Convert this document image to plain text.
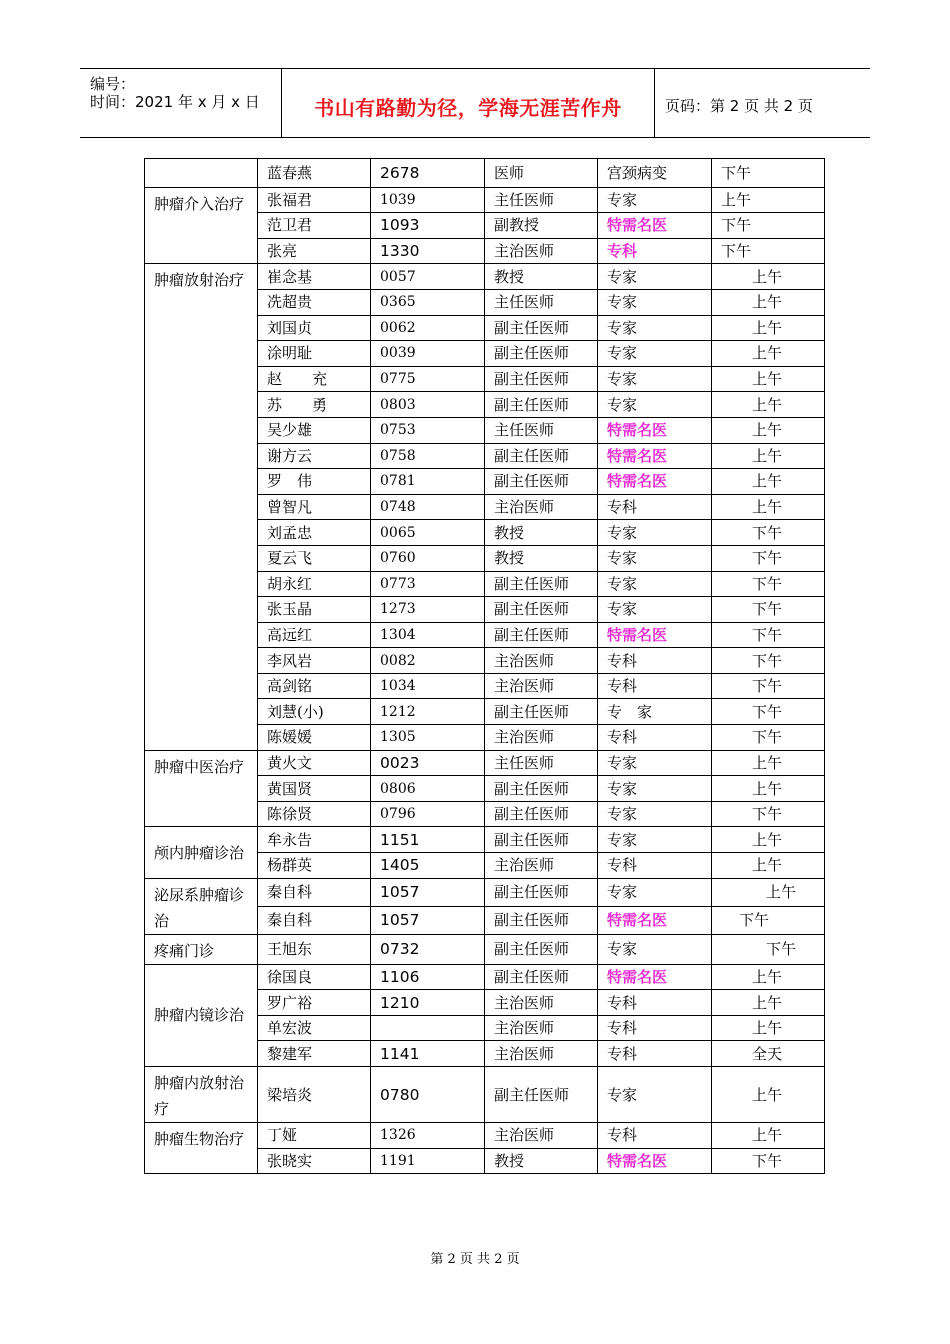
编号：
时间：2021 年 x 月 x 日	书山有路勤为径，学海无涯苦作舟	页码：第 2 页 共 2 页
	蓝春燕	2678	医师	宫颈病变	下午
肿瘤介入治疗	张福君	1039	主任医师	专家	上午
	范卫君	1093	副教授	特需名医	下午
	张亮	1330	主治医师	专科	下午
肿瘤放射治疗	崔念基	0057	教授	专家	上午
	冼超贵	0365	主任医师	专家	上午
	刘国贞	0062	副主任医师	专家	上午
	涂明耻	0039	副主任医师	专家	上午
	赵　　充	0775	副主任医师	专家	上午
	苏　　勇	0803	副主任医师	专家	上午
	吴少雄	0753	主任医师	特需名医	上午
	谢方云	0758	副主任医师	特需名医	上午
	罗　伟	0781	副主任医师	特需名医	上午
	曾智凡	0748	主治医师	专科	上午
	刘孟忠	0065	教授	专家	下午
	夏云飞	0760	教授	专家	下午
	胡永红	0773	副主任医师	专家	下午
	张玉晶	1273	副主任医师	专家	下午
	高远红	1304	副主任医师	特需名医	下午
	李风岩	0082	主治医师	专科	下午
	高剑铭	1034	主治医师	专科	下午
	刘慧(小)	1212	副主任医师	专　家	下午
	陈媛媛	1305	主治医师	专科	下午
肿瘤中医治疗	黄火文	0023	主任医师	专家	上午
	黄国贤	0806	副主任医师	专家	上午
	陈徐贤	0796	副主任医师	专家	下午
颅内肿瘤诊治	牟永告	1151	副主任医师	专家	上午
	杨群英	1405	主治医师	专科	上午
泌尿系肿瘤诊治	秦自科	1057	副主任医师	专家	上午
	秦自科	1057	副主任医师	特需名医	下午
疼痛门诊	王旭东	0732	副主任医师	专家	下午
肿瘤内镜诊治	徐国良	1106	副主任医师	特需名医	上午
	罗广裕	1210	主治医师	专科	上午
	单宏波		主治医师	专科	上午
	黎建军	1141	主治医师	专科	全天
肿瘤内放射治疗	梁培炎	0780	副主任医师	专家	上午
肿瘤生物治疗	丁娅	1326	主治医师	专科	上午
	张晓实	1191	教授	特需名医	下午
第 2 页 共 2 页
